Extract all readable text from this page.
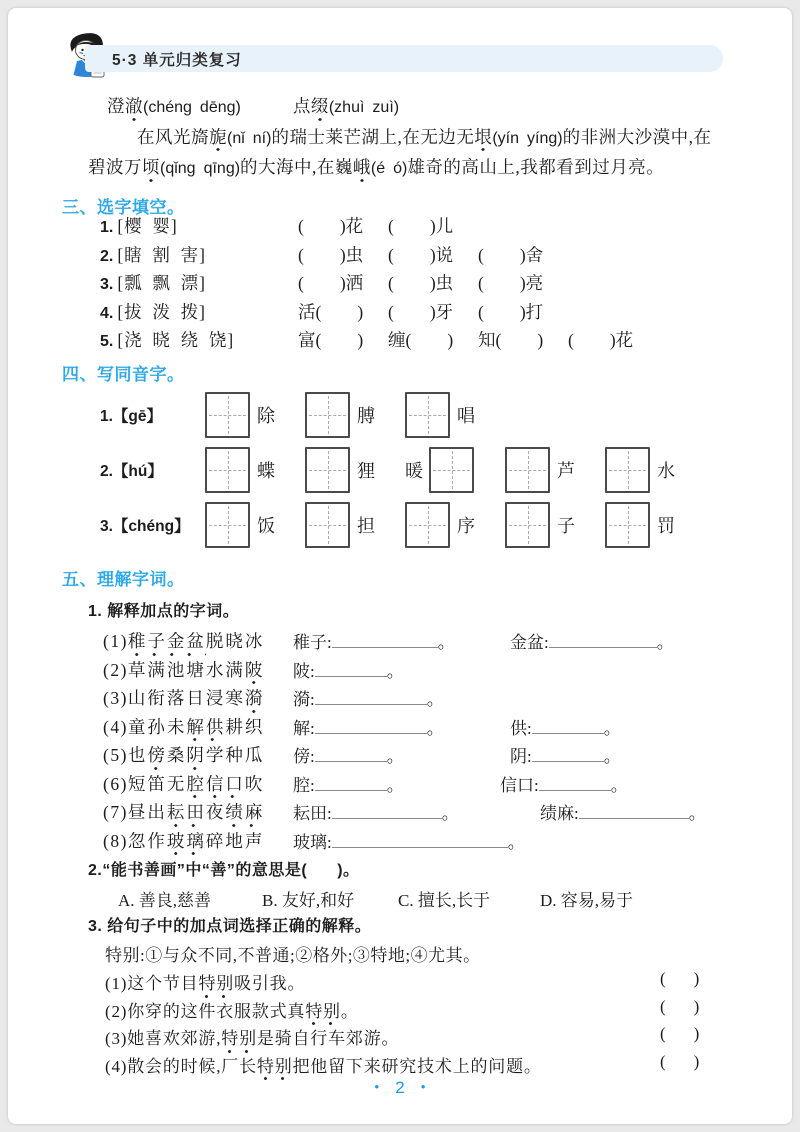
5·3 单元归类复习
澄澈(chéng dēng)	点缀(zhuì zuì)
在风光旖旎(nǐ ní)的瑞士莱芒湖上,在无边无垠(yín yíng)的非洲大沙漠中,在
碧波万顷(qǐng qīng)的大海中,在巍峨(é ó)雄奇的高山上,我都看到过月亮。
三、选字填空。
1. [樱 婴]	( )花 ( )儿
2. [瞎 割 害]	( )虫 ( )说 ( )舍
3. [瓢 飘 漂]	( )洒 ( )虫 ( )亮
4. [拔 泼 拨]	活( ) ( )牙 ( )打
5. [浇 晓 绕 饶]	富( ) 缠( ) 知( ) ( )花
四、写同音字。
1.【gē】	除	膊	唱
2.【hú】	蝶	狸 暖	芦	水
3.【chéng】	饭	担	序	子	罚
五、理解字词。
1. 解释加点的字词。
(1)稚子金盆脱晓冰 稚子:	。	金盆:	。
(2)草满池塘水满陂 陂:	。
(3)山衔落日浸寒漪 漪:	。
(4)童孙未解供耕织 解:	。	供:	。
(5)也傍桑阴学种瓜 傍:	。	阴:	。
(6)短笛无腔信口吹 腔:	。	信口:	。
(7)昼出耘田夜绩麻 耘田:	。	绩麻:	。
(8)忽作玻璃碎地声 玻璃:	。
2.“能书善画”中“善”的意思是( )。
A. 善良,慈善	B. 友好,和好	C. 擅长,长于	D. 容易,易于
3. 给句子中的加点词选择正确的解释。
特别:①与众不同,不普通;②格外;③特地;④尤其。
(1)这个节目特别吸引我。	( )
(2)你穿的这件衣服款式真特别。	( )
(3)她喜欢郊游,特别是骑自行车郊游。	( )
(4)散会的时候,厂长特别把他留下来研究技术上的问题。	( )
● 2 ●
